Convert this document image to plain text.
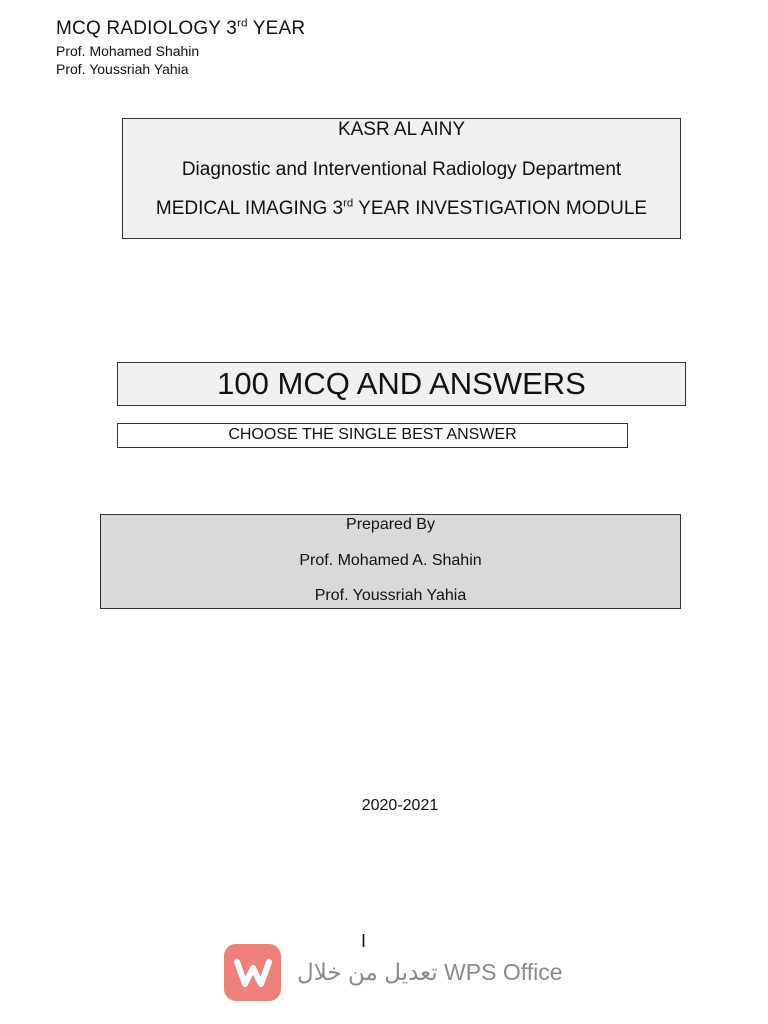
MCQ RADIOLOGY 3rd YEAR
Prof. Mohamed Shahin
Prof. Youssriah Yahia
KASR AL AINY
Diagnostic and Interventional Radiology Department
MEDICAL IMAGING 3rd YEAR INVESTIGATION MODULE
100 MCQ AND ANSWERS
CHOOSE THE SINGLE BEST ANSWER
Prepared By
Prof. Mohamed A. Shahin
Prof. Youssriah Yahia
2020-2021
I
تعديل من خلال WPS Office
